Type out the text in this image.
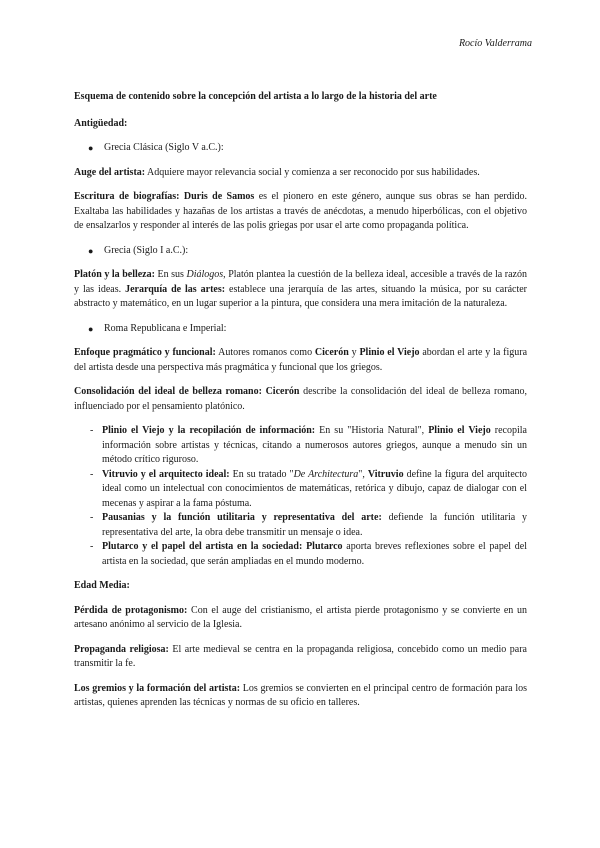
Rocío Valderrama
Esquema de contenido sobre la concepción del artista a lo largo de la historia del arte
Antigüedad:
●	Grecia Clásica (Siglo V a.C.):

Auge del artista: Adquiere mayor relevancia social y comienza a ser reconocido por sus habilidades.

Escritura de biografías: Duris de Samos es el pionero en este género, aunque sus obras se han perdido. Exaltaba las habilidades y hazañas de los artistas a través de anécdotas, a menudo hiperbólicas, con el objetivo de ensalzarlos y responder al interés de las polis griegas por usar el arte como propaganda política.

●	Grecia (Siglo I a.C.):

Platón y la belleza: En sus Diálogos, Platón plantea la cuestión de la belleza ideal, accesible a través de la razón y las ideas. Jerarquía de las artes: establece una jerarquía de las artes, situando la música, por su carácter abstracto y matemático, en un lugar superior a la pintura, que considera una mera imitación de la naturaleza.

●	Roma Republicana e Imperial:

Enfoque pragmático y funcional: Autores romanos como Cicerón y Plinio el Viejo abordan el arte y la figura del artista desde una perspectiva más pragmática y funcional que los griegos.

Consolidación del ideal de belleza romano: Cicerón describe la consolidación del ideal de belleza romano, influenciado por el pensamiento platónico.

- Plinio el Viejo y la recopilación de información: En su "Historia Natural", Plinio el Viejo recopila información sobre artistas y técnicas, citando a numerosos autores griegos, aunque a menudo sin un método crítico riguroso.
- Vitruvio y el arquitecto ideal: En su tratado "De Architectura", Vitruvio define la figura del arquitecto ideal como un intelectual con conocimientos de matemáticas, retórica y dibujo, capaz de dialogar con el mecenas y aspirar a la fama póstuma.
- Pausanias y la función utilitaria y representativa del arte: defiende la función utilitaria y representativa del arte, la obra debe transmitir un mensaje o idea.
- Plutarco y el papel del artista en la sociedad: Plutarco aporta breves reflexiones sobre el papel del artista en la sociedad, que serán ampliadas en el mundo moderno.
Edad Media:

Pérdida de protagonismo: Con el auge del cristianismo, el artista pierde protagonismo y se convierte en un artesano anónimo al servicio de la Iglesia.

Propaganda religiosa: El arte medieval se centra en la propaganda religiosa, concebido como un medio para transmitir la fe.

Los gremios y la formación del artista: Los gremios se convierten en el principal centro de formación para los artistas, quienes aprenden las técnicas y normas de su oficio en talleres.
